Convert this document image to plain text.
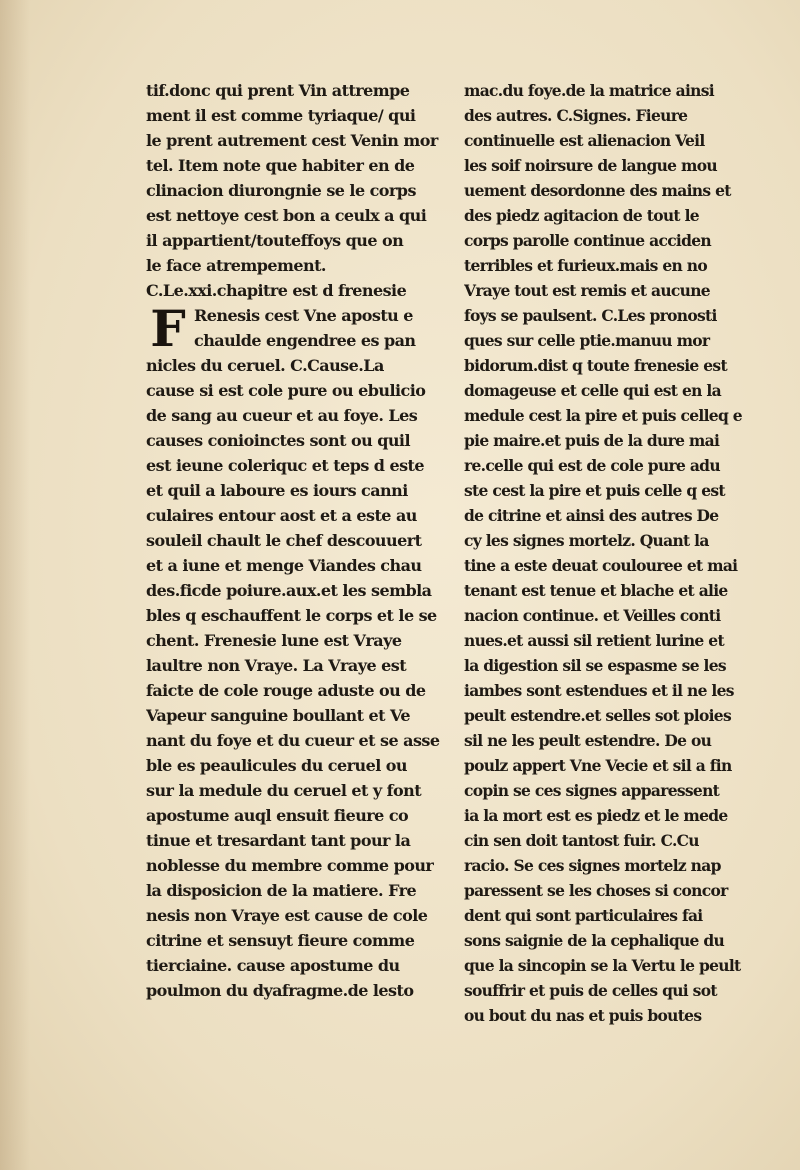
tif.donc qui prent Vin attrempe
ment il est comme tyriaque/ qui
le prent autrement cest Venin mor
tel. Item note que habiter en de
clinacion diurongnie se le corps
est nettoye cest bon a ceulx a qui
il appartient/touteffoys que on
le face atrempement.
C.Le.xxi.chapitre est d frenesie
F Renesis cest Vne apostu e
chaulde engendree es pan
nicles du ceruel. C.Cause.La
cause si est cole pure ou ebulicio
de sang au cueur et au foye. Les
causes conioinctes sont ou quil
est ieune coleriquc et teps d este
et quil a laboure es iours canni
culaires entour aost et a este au
souleil chault le chef descouuert
et a iune et menge Viandes chau
des.ficde poiure.aux.et les sembla
bles q eschauffent le corps et le se
chent. Frenesie lune est Vraye
laultre non Vraye. La Vraye est
faicte de cole rouge aduste ou de
Vapeur sanguine boullant et Ve
nant du foye et du cueur et se asse
ble es peaulicules du ceruel ou
sur la medule du ceruel et y font
apostume auql ensuit fieure co
tinue et tresardant tant pour la
noblesse du membre comme pour
la disposicion de la matiere. Fre
nesis non Vraye est cause de cole
citrine et sensuyt fieure comme
tierciaine. cause apostume du
poulmon du dyafragme.de lesto
mac.du foye.de la matrice ainsi
des autres. C.Signes. Fieure
continuelle est alienacion Veil
les soif noirsure de langue mou
uement desordonne des mains et
des piedz agitacion de tout le
corps parolle continue acciden
terribles et furieux.mais en no
Vraye tout est remis et aucune
foys se paulsent. C.Les pronosti
ques sur celle ptie.manuu mor
bidorum.dist q toute frenesie est
domageuse et celle qui est en la
medule cest la pire et puis celleq e
pie maire.et puis de la dure mai
re.celle qui est de cole pure adu
ste cest la pire et puis celle q est
de citrine et ainsi des autres De
cy les signes mortelz. Quant la
tine a este deuat coulouree et mai
tenant est tenue et blache et alie
nacion continue. et Veilles conti
nues.et aussi sil retient lurine et
la digestion sil se espasme se les
iambes sont estendues et il ne les
peult estendre.et selles sot ploies
sil ne les peult estendre. De ou
poulz appert Vne Vecie et sil a fin
copin se ces signes apparessent
ia la mort est es piedz et le mede
cin sen doit tantost fuir. C.Cu
racio. Se ces signes mortelz nap
paressent se les choses si concor
dent qui sont particulaires fai
sons saignie de la cephalique du
que la sincopin se la Vertu le peult
souffrir et puis de celles qui sot
ou bout du nas et puis boutes
